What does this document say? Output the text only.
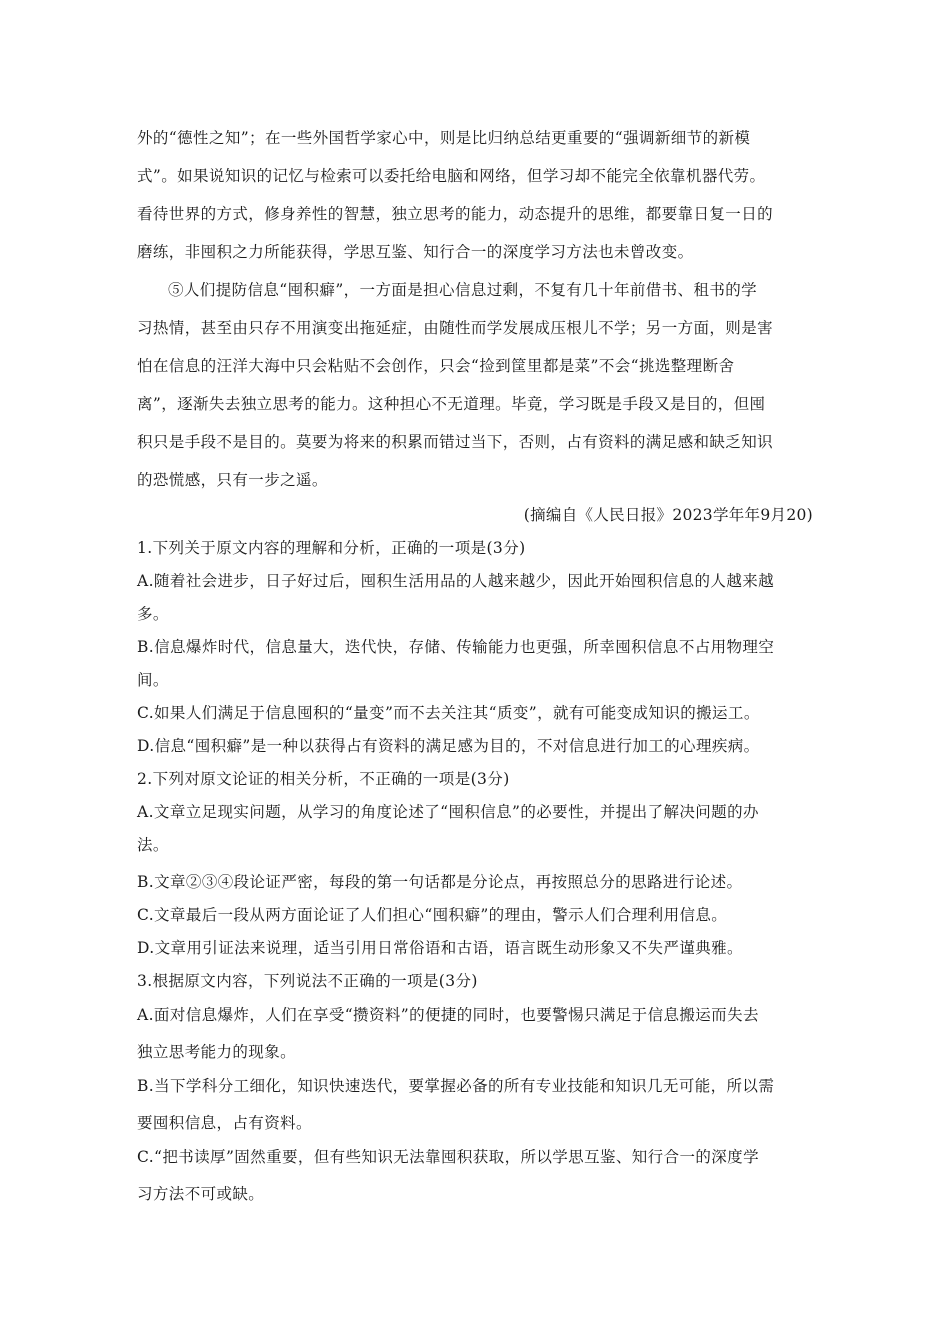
外的“德性之知”；在一些外国哲学家心中，则是比归纳总结更重要的“强调新细节的新模
式”。如果说知识的记忆与检索可以委托给电脑和网络，但学习却不能完全依靠机器代劳。
看待世界的方式，修身养性的智慧，独立思考的能力，动态提升的思维，都要靠日复一日的
磨练，非囤积之力所能获得，学思互鉴、知行合一的深度学习方法也未曾改变。
⑤人们提防信息“囤积癖”，一方面是担心信息过剩，不复有几十年前借书、租书的学
习热情，甚至由只存不用演变出拖延症，由随性而学发展成压根儿不学；另一方面，则是害
怕在信息的汪洋大海中只会粘贴不会创作，只会“捡到筐里都是菜”不会“挑选整理断舍
离”，逐渐失去独立思考的能力。这种担心不无道理。毕竟，学习既是手段又是目的，但囤
积只是手段不是目的。莫要为将来的积累而错过当下，否则，占有资料的满足感和缺乏知识
的恐慌感，只有一步之遥。
(摘编自《人民日报》2023学年年9月20)
1.下列关于原文内容的理解和分析，正确的一项是(3分)
A.随着社会进步，日子好过后，囤积生活用品的人越来越少，因此开始囤积信息的人越来越
多。
B.信息爆炸时代，信息量大，迭代快，存储、传输能力也更强，所幸囤积信息不占用物理空
间。
C.如果人们满足于信息囤积的“量变”而不去关注其“质变”，就有可能变成知识的搬运工。
D.信息“囤积癖”是一种以获得占有资料的满足感为目的，不对信息进行加工的心理疾病。
2.下列对原文论证的相关分析，不正确的一项是(3分)
A.文章立足现实问题，从学习的角度论述了“囤积信息”的必要性，并提出了解决问题的办
法。
B.文章②③④段论证严密，每段的第一句话都是分论点，再按照总分的思路进行论述。
C.文章最后一段从两方面论证了人们担心“囤积癖”的理由，警示人们合理利用信息。
D.文章用引证法来说理，适当引用日常俗语和古语，语言既生动形象又不失严谨典雅。
3.根据原文内容，下列说法不正确的一项是(3分)
A.面对信息爆炸，人们在享受“攒资料”的便捷的同时，也要警惕只满足于信息搬运而失去
独立思考能力的现象。
B.当下学科分工细化，知识快速迭代，要掌握必备的所有专业技能和知识几无可能，所以需
要囤积信息，占有资料。
C.“把书读厚”固然重要，但有些知识无法靠囤积获取，所以学思互鉴、知行合一的深度学
习方法不可或缺。
